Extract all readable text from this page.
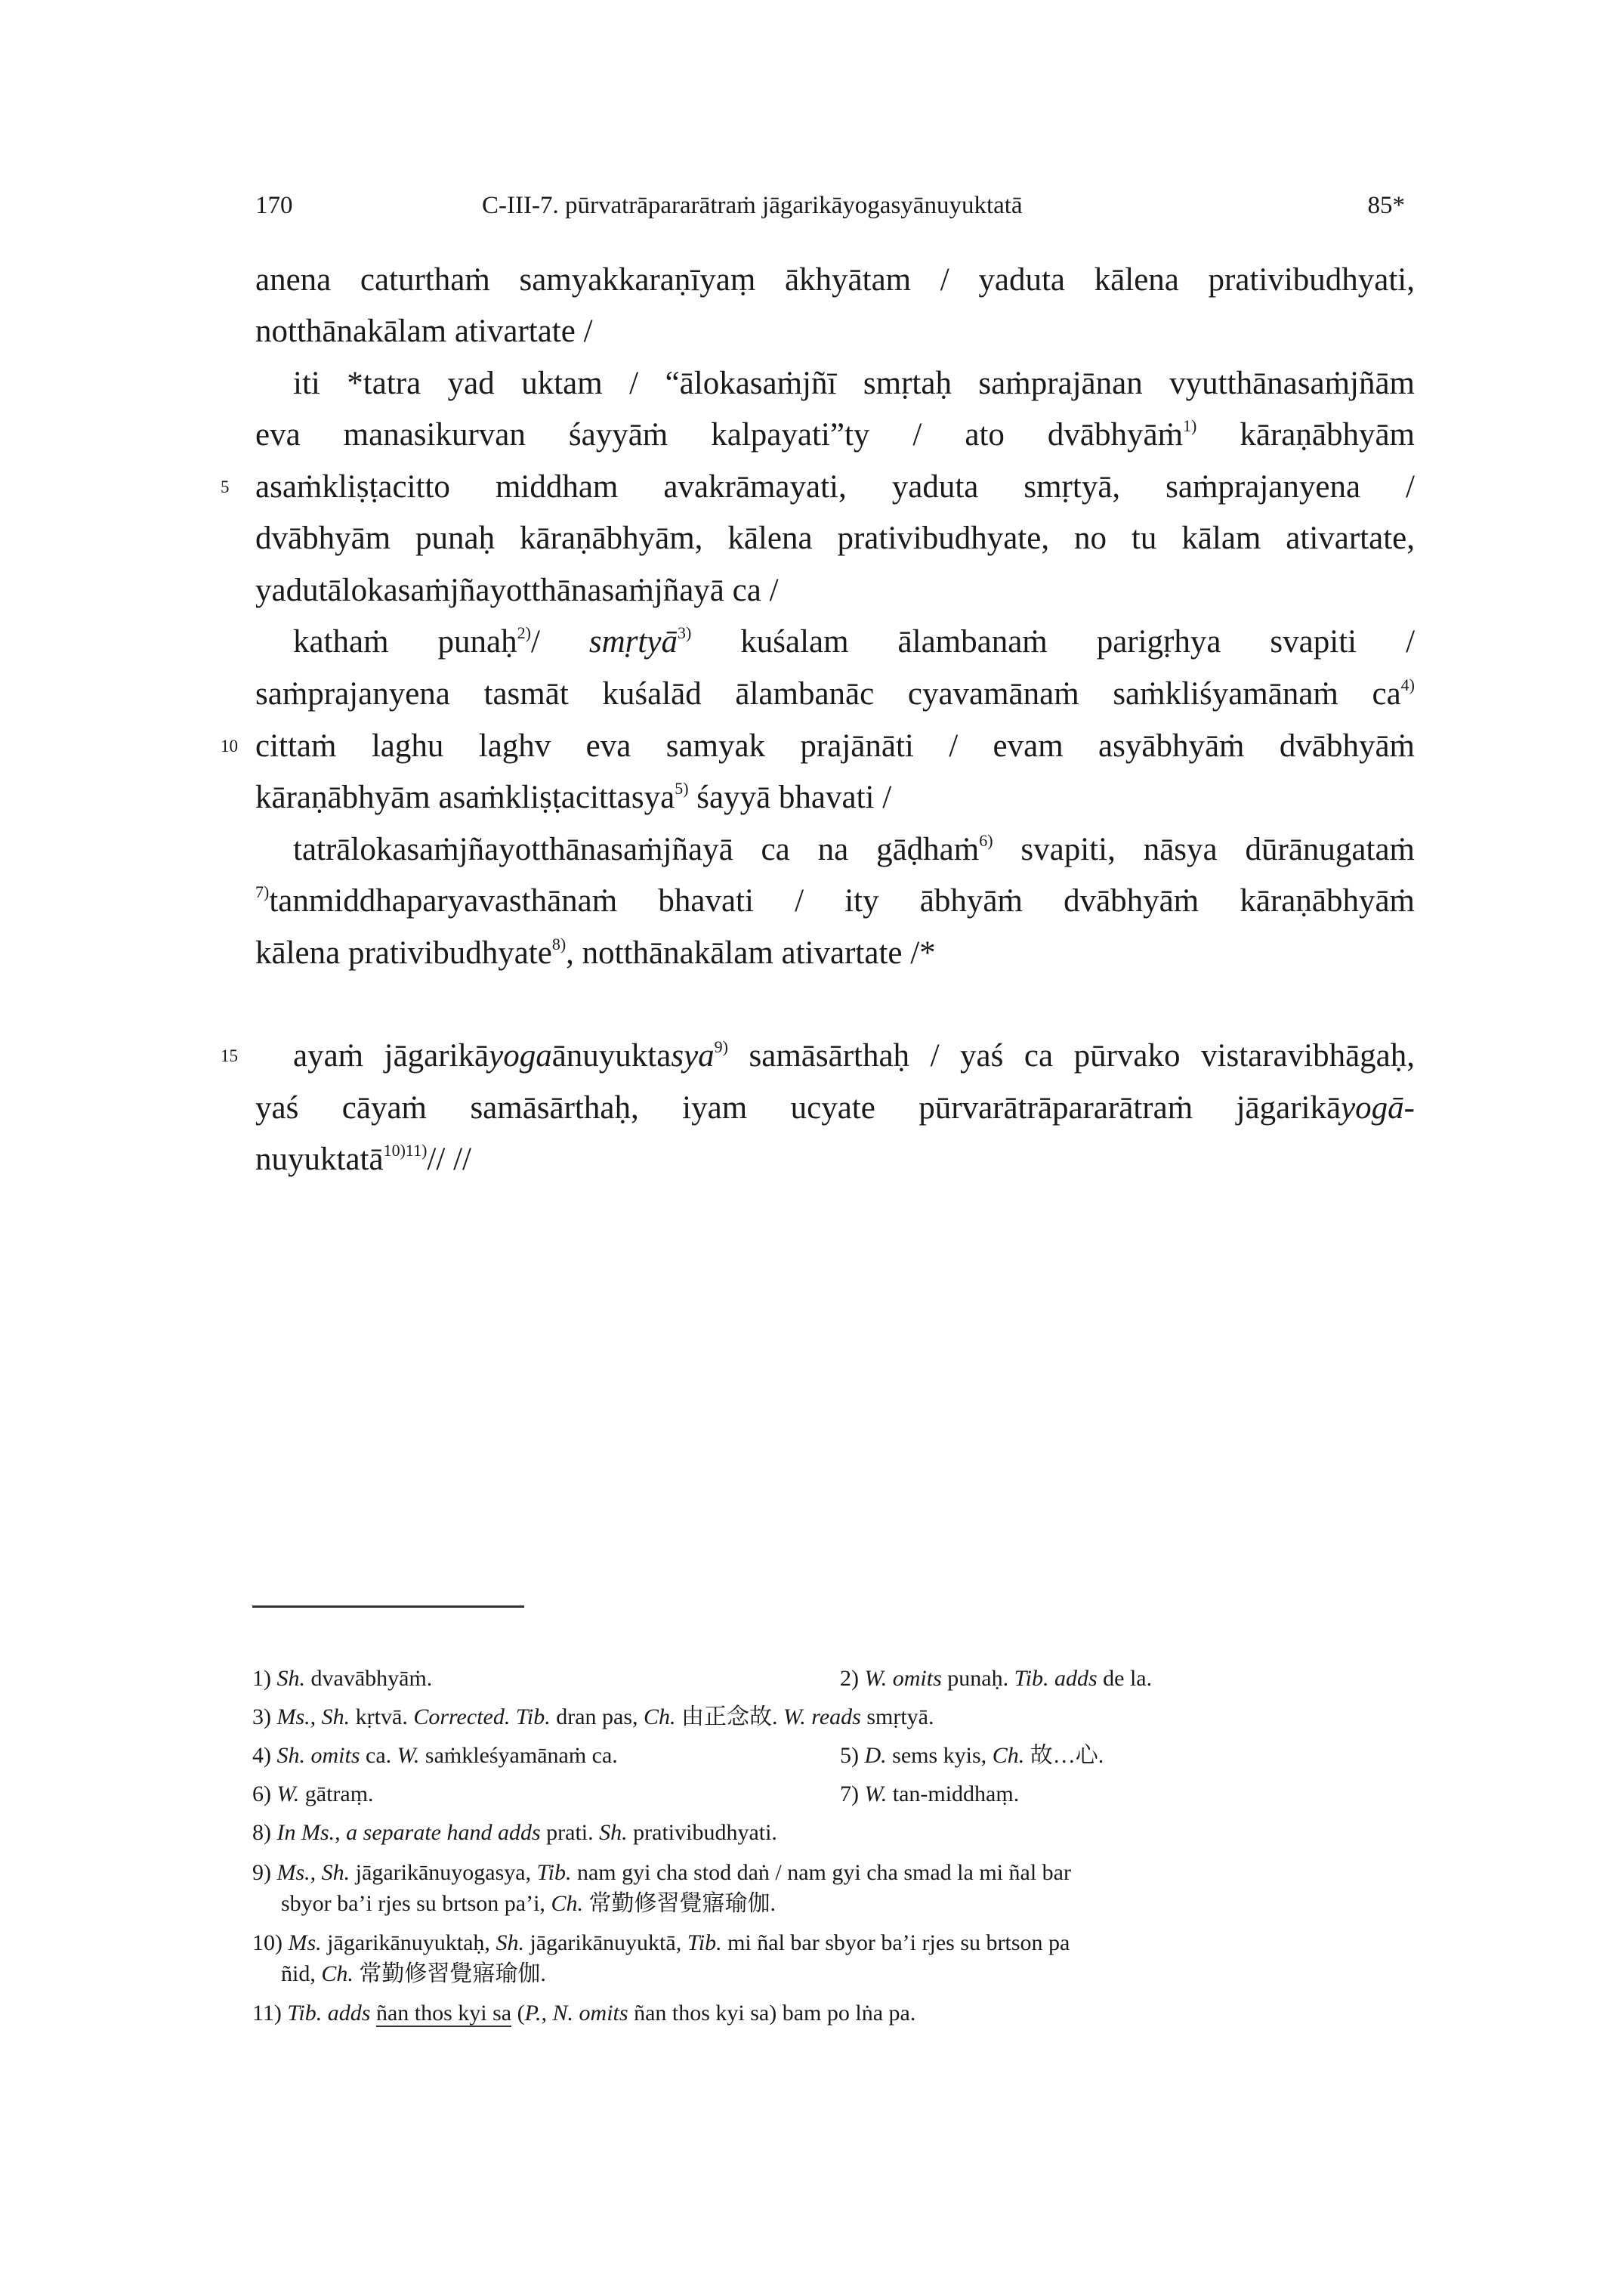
170	C-III-7. pūrvatrāpararātraṁ jāgarikāyogasyānuyuktatā	85*
anena caturthaṁ samyakkaraṇīyaṃ ākhyātam / yaduta kālena prativibudhyati,
notthānakālam ativartate /
iti *tatra yad uktam / “ālokasaṁjñī smṛtaḥ saṁprajānan vyutthānasaṁjñām
eva manasikurvan śayyāṁ kalpayati”ty / ato dvābhyāṁ$^{1)}$ kāraṇābhyām
5 asaṁkliṣṭacitto middham avakrāmayati, yaduta smṛtyā, saṁprajanyena /
dvābhyām punaḥ kāraṇābhyām, kālena prativibudhyate, no tu kālam ativartate,
yadutālokasaṁjñayotthānasaṁjñayā ca /
kathaṁ punaḥ$^{2)}$/ smṛtyā$^{3)}$ kuśalam ālambanaṁ parigṛhya svapiti /
saṁprajanyena tasmāt kuśalād ālambanāc cyavamānaṁ saṁkliśyamānaṁ $ca^{4)}$
10 cittaṁ laghu laghv eva samyak prajānāti / evam asyābhyāṁ dvābhyāṁ
kāraṇābhyām asaṁkliṣṭacittasya$^{5)}$ śayyā bhavati /
tatrālokasaṁjñayotthānasaṁjñayā ca na gāḍhaṁ$^{6)}$ svapiti, nāsya dūrānugataṁ
$^{7)}$tanmiddhaparyavasthānaṁ bhavati / ity ābhyāṁ dvābhyāṁ kāraṇābhyāṁ
kālena prativibudhyate$^{8)}$, notthānakālam ativartate /*
15 ayaṁ jāgarikāyogaānuyuktasya$^{9)}$ samāsārthaḥ / yaś ca pūrvako vistaravibhāgaḥ,
yaś cāyaṁ samāsārthaḥ, iyam ucyate pūrvarātrāpararātraṁ jāgarikāyogā-
nuyuktatā$^{10)11)}$// //
1) Sh. dvavābhyāṁ.	2) W. omits punaḥ. Tib. adds de la.
3) Ms., Sh. kṛtvā. Corrected. Tib. dran pas, Ch. 由正念故. W. reads smṛtyā.
4) Sh. omits ca. W. saṁkleśyamānaṁ ca.	5) D. sems kyis, Ch. 故…心.
6) W. gātraṃ.	7) W. tan-middhaṃ.
8) In Ms., a separate hand adds prati. Sh. prativibudhyati.
9) Ms., Sh. jāgarikānuyogasya, Tib. nam gyi cha stod daṅ / nam gyi cha smad la mi ñal bar
sbyor ba’i rjes su brtson pa’i, Ch. 常勤修習覺寤瑜伽.
10) Ms. jāgarikānuyuktaḥ, Sh. jāgarikānuyuktā, Tib. mi ñal bar sbyor ba’i rjes su brtson pa
ñid, Ch. 常勤修習覺寤瑜伽.
11) Tib. adds ñan thos kyi sa (P., N. omits ñan thos kyi sa) bam po lṅa pa.
